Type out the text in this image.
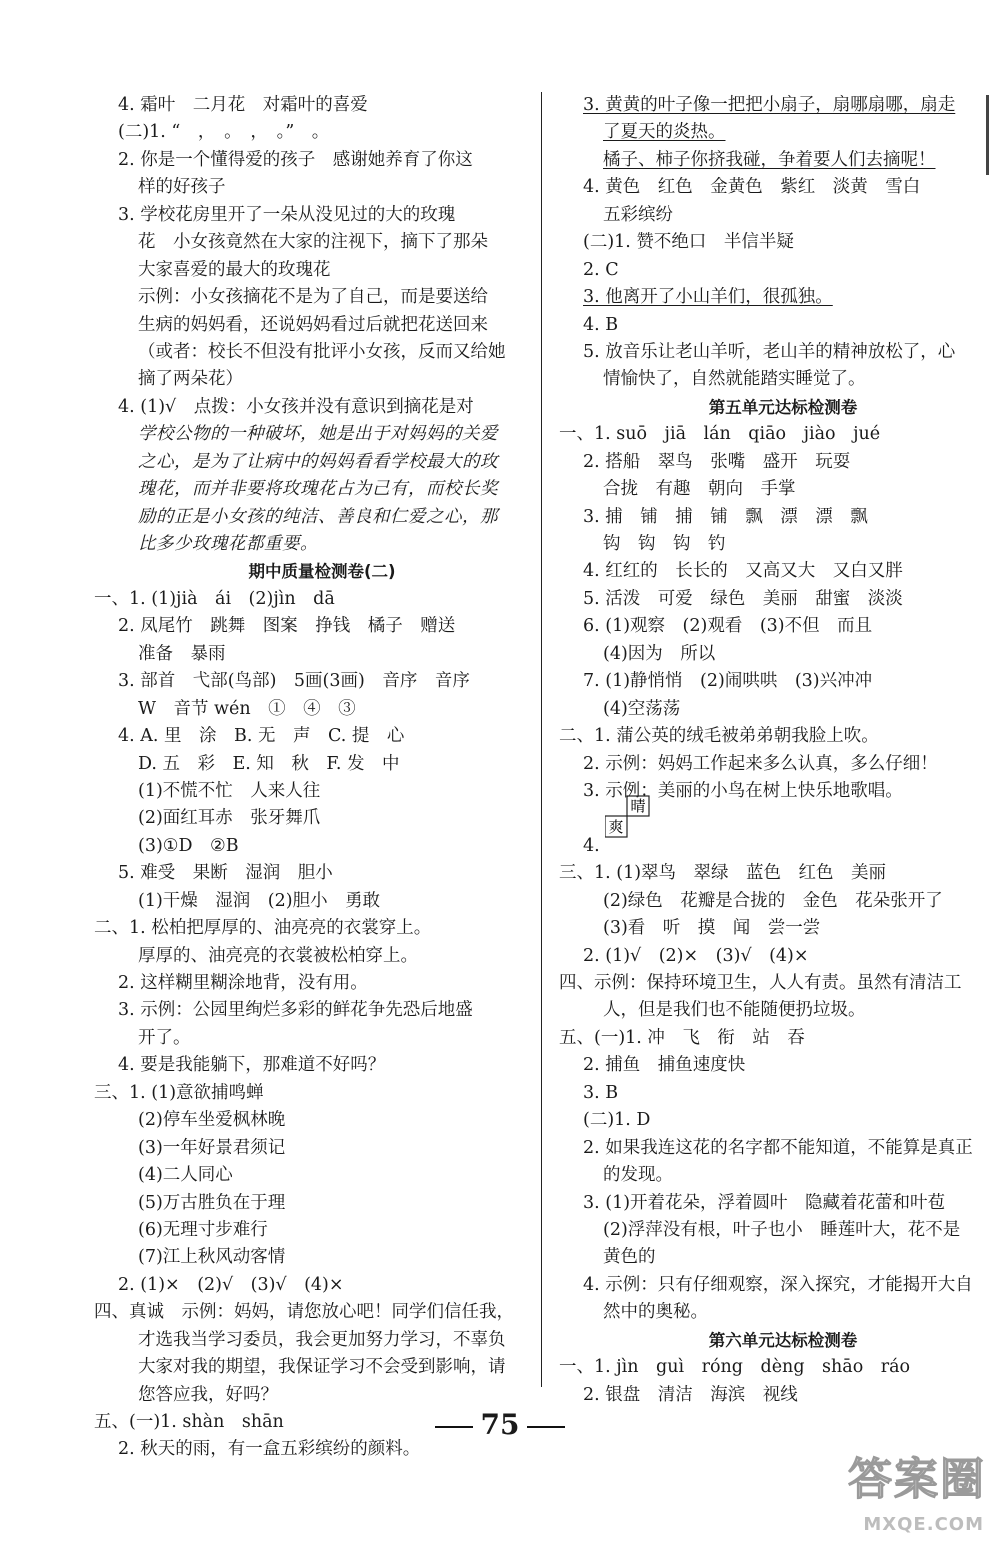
4. 霜叶　二月花　对霜叶的喜爱
(二)1. “　，　。　，　。”　。
2. 你是一个懂得爱的孩子　感谢她养育了你这
样的好孩子
3. 学校花房里开了一朵从没见过的大的玫瑰
花　小女孩竟然在大家的注视下，摘下了那朵
大家喜爱的最大的玫瑰花
示例：小女孩摘花不是为了自己，而是要送给
生病的妈妈看，还说妈妈看过后就把花送回来
（或者：校长不但没有批评小女孩，反而又给她
摘了两朵花）
4. (1)√　点拨：小女孩并没有意识到摘花是对
学校公物的一种破坏，她是出于对妈妈的关爱
之心，是为了让病中的妈妈看看学校最大的玫
瑰花，而并非要将玫瑰花占为己有，而校长奖
励的正是小女孩的纯洁、善良和仁爱之心，那
比多少玫瑰花都重要。
期中质量检测卷(二)
一、1. (1)jià　ái　(2)jìn　dā
2. 凤尾竹　跳舞　图案　挣钱　橘子　赠送
准备　暴雨
3. 部首　弋部(鸟部)　5画(3画)　音序　音序
W　音节 wén　①　④　③
4. A. 里　涂　B. 无　声　C. 提　心
D. 五　彩　E. 知　秋　F. 发　中
(1)不慌不忙　人来人往
(2)面红耳赤　张牙舞爪
(3)①D　②B
5. 难受　果断　湿润　胆小
(1)干燥　湿润　(2)胆小　勇敢
二、1. 松柏把厚厚的、油亮亮的衣裳穿上。
厚厚的、油亮亮的衣裳被松柏穿上。
2. 这样糊里糊涂地背，没有用。
3. 示例：公园里绚烂多彩的鲜花争先恐后地盛
开了。
4. 要是我能躺下，那难道不好吗？
三、1. (1)意欲捕鸣蝉
(2)停车坐爱枫林晚
(3)一年好景君须记
(4)二人同心
(5)万古胜负在于理
(6)无理寸步难行
(7)江上秋风动客情
2. (1)×　(2)√　(3)√　(4)×
四、真诚　示例：妈妈，请您放心吧！同学们信任我，
才选我当学习委员，我会更加努力学习，不辜负
大家对我的期望，我保证学习不会受到影响，请
您答应我，好吗？
五、(一)1. shàn　shān
2. 秋天的雨，有一盒五彩缤纷的颜料。
3. 黄黄的叶子像一把把小扇子，扇哪扇哪，扇走
了夏天的炎热。
橘子、柿子你挤我碰，争着要人们去摘呢！
4. 黄色　红色　金黄色　紫红　淡黄　雪白
五彩缤纷
(二)1. 赞不绝口　半信半疑
2. C
3. 他离开了小山羊们，很孤独。
4. B
5. 放音乐让老山羊听，老山羊的精神放松了，心
情愉快了，自然就能踏实睡觉了。
第五单元达标检测卷
一、1. suō　jiā　lán　qiāo　jiào　jué
2. 搭船　翠鸟　张嘴　盛开　玩耍
合拢　有趣　朝向　手掌
3. 捕　铺　捕　铺　飘　漂　漂　飘
钩　钩　钩　钓
4. 红红的　长长的　又高又大　又白又胖
5. 活泼　可爱　绿色　美丽　甜蜜　淡淡
6. (1)观察　(2)观看　(3)不但　而且
(4)因为　所以
7. (1)静悄悄　(2)闹哄哄　(3)兴冲冲
(4)空荡荡
二、1. 蒲公英的绒毛被弟弟朝我脸上吹。
2. 示例：妈妈工作起来多么认真，多么仔细！
3. 示例：美丽的小鸟在树上快乐地歌唱。
4.
三、1. (1)翠鸟　翠绿　蓝色　红色　美丽
(2)绿色　花瓣是合拢的　金色　花朵张开了
(3)看　听　摸　闻　尝一尝
2. (1)√　(2)×　(3)√　(4)×
四、示例：保持环境卫生，人人有责。虽然有清洁工
人，但是我们也不能随便扔垃圾。
五、(一)1. 冲　飞　衔　站　吞
2. 捕鱼　捕鱼速度快
3. B
(二)1. D
2. 如果我连这花的名字都不能知道，不能算是真正
的发现。
3. (1)开着花朵，浮着圆叶　隐藏着花蕾和叶苞
(2)浮萍没有根，叶子也小　睡莲叶大，花不是
黄色的
4. 示例：只有仔细观察，深入探究，才能揭开大自
然中的奥秘。
第六单元达标检测卷
一、1. jìn　guì　róng　dèng　shāo　ráo
2. 银盘　清洁　海滨　视线
晴
爽
75
答案圈
MXQE.COM
